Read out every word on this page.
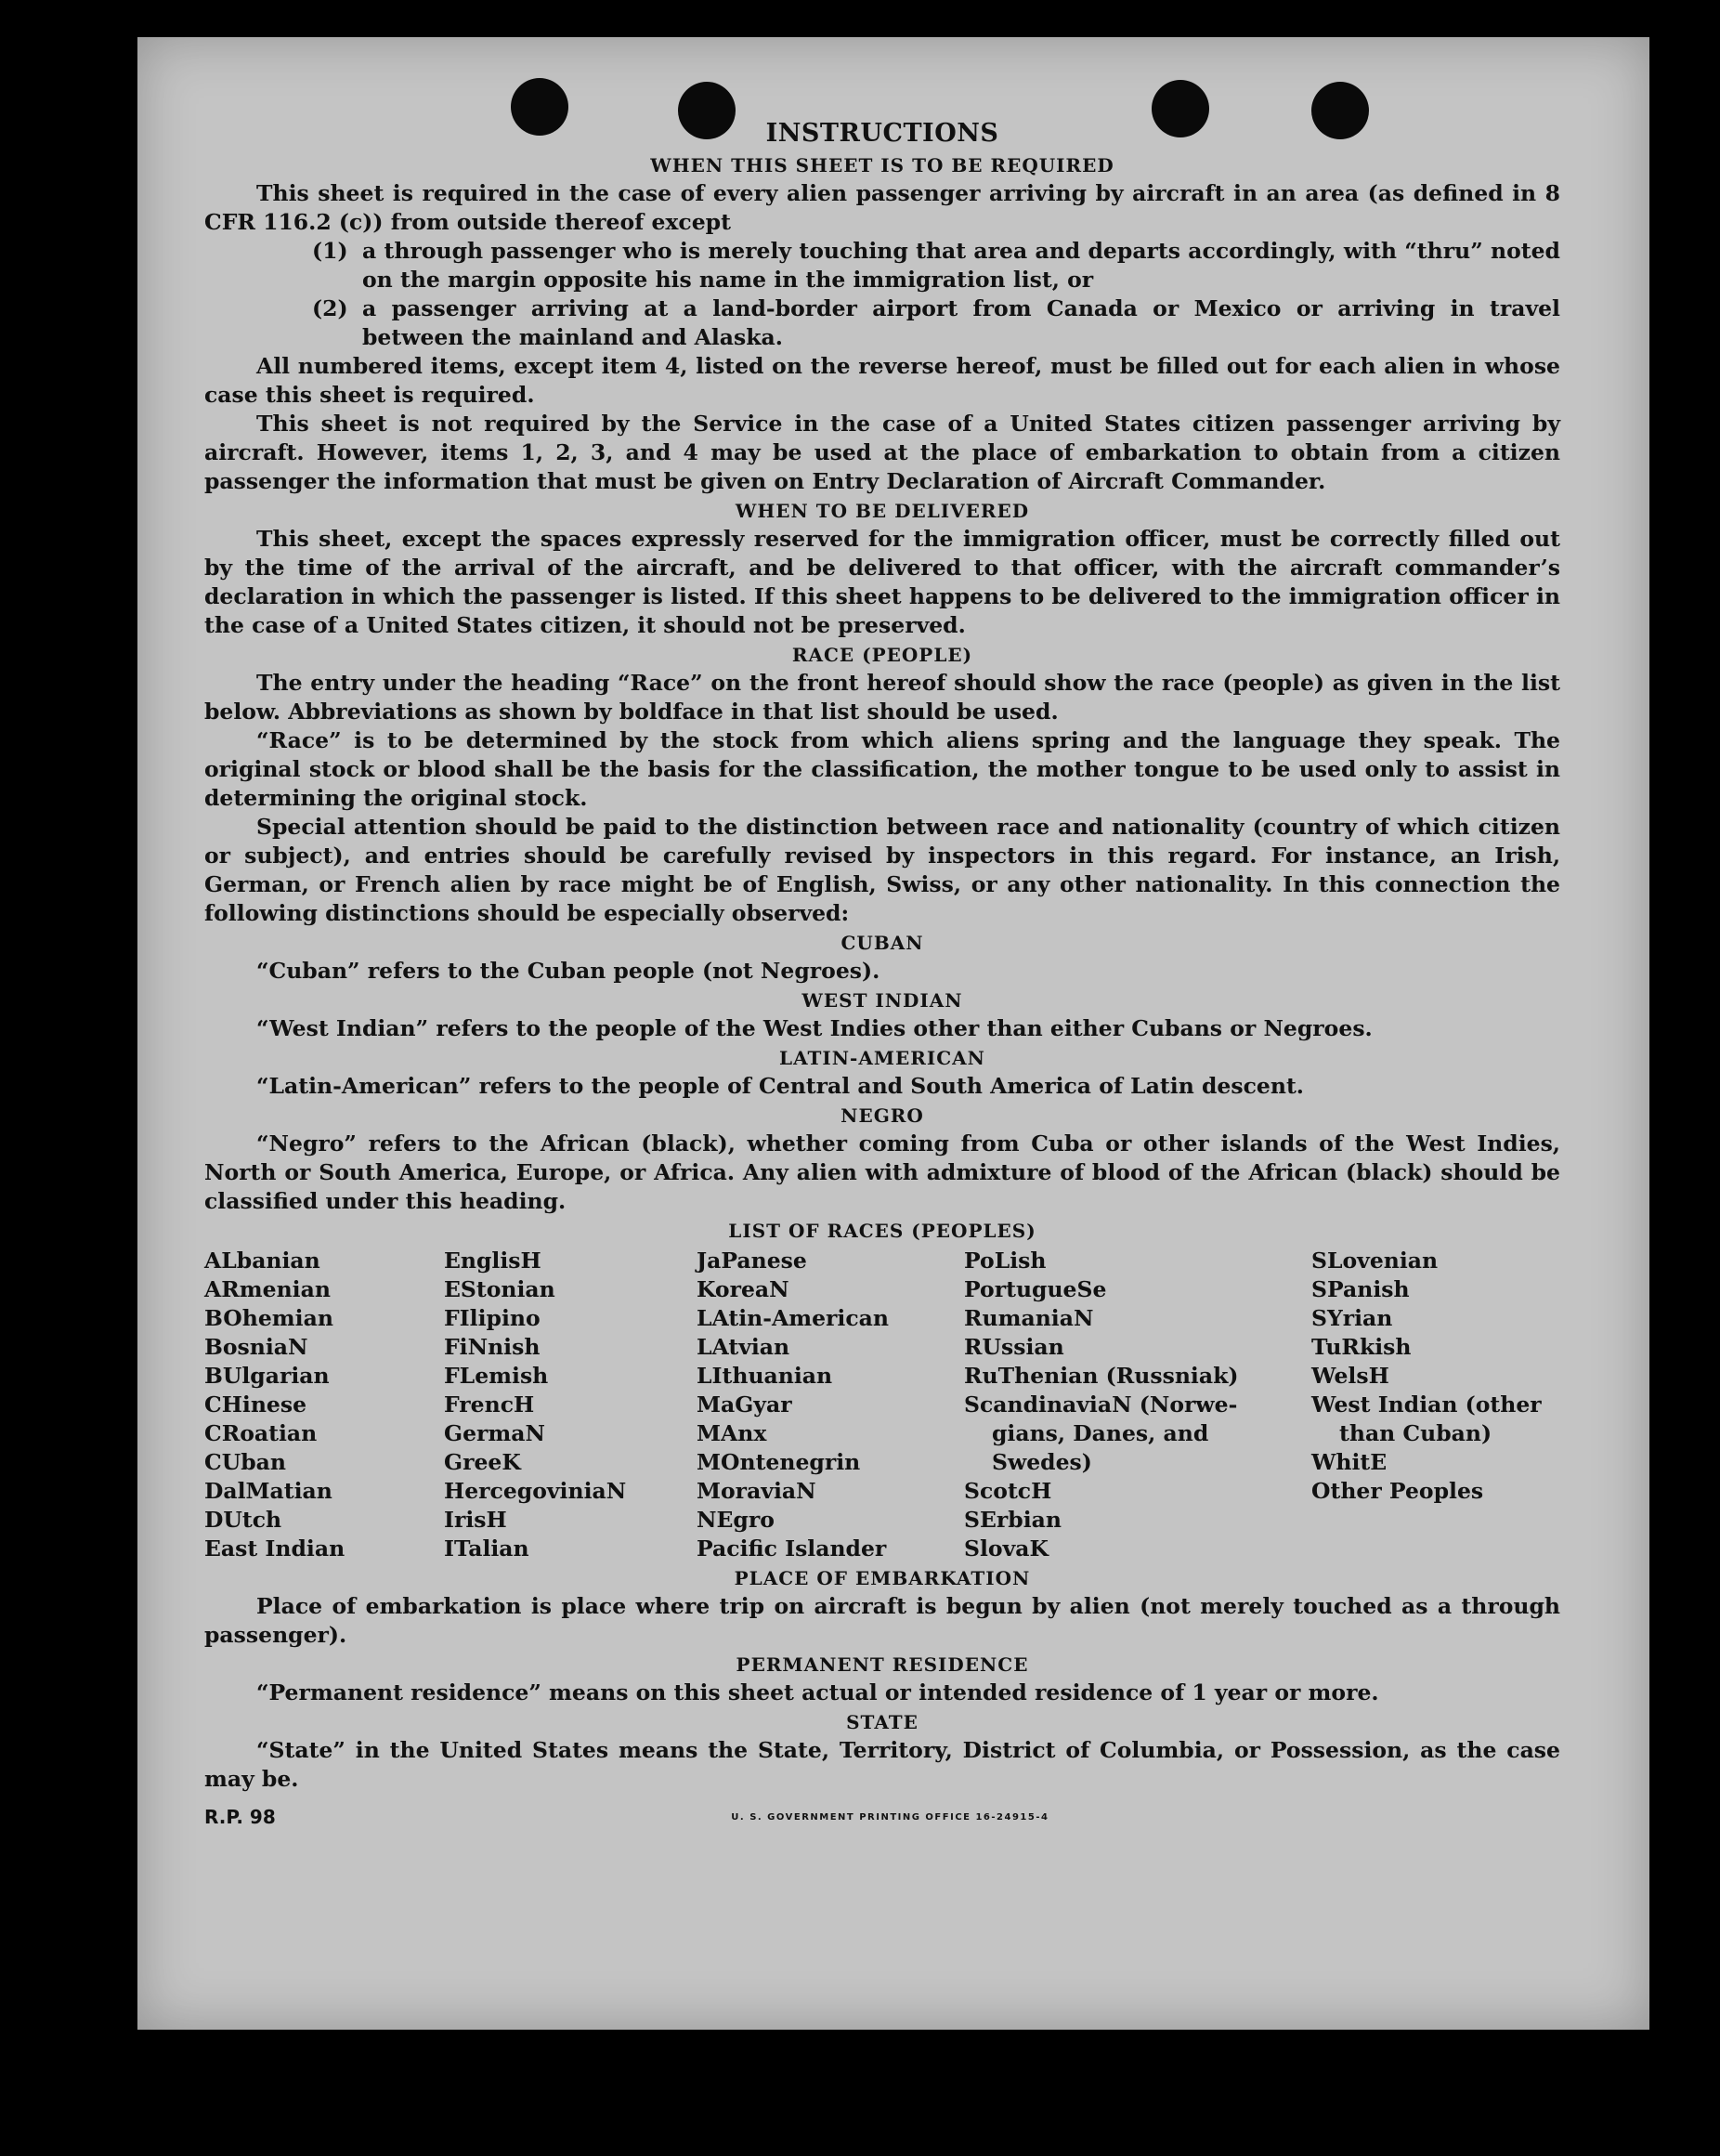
INSTRUCTIONS
WHEN THIS SHEET IS TO BE REQUIRED

This sheet is required in the case of every alien passenger arriving by aircraft in an area (as defined in 8 CFR 116.2 (c)) from outside thereof except

(1) a through passenger who is merely touching that area and departs accordingly, with “thru” noted on the margin opposite his name in the immigration list, or
(2) a passenger arriving at a land-border airport from Canada or Mexico or arriving in travel between the mainland and Alaska.

All numbered items, except item 4, listed on the reverse hereof, must be filled out for each alien in whose case this sheet is required.

This sheet is not required by the Service in the case of a United States citizen passenger arriving by aircraft. However, items 1, 2, 3, and 4 may be used at the place of embarkation to obtain from a citizen passenger the information that must be given on Entry Declaration of Aircraft Commander.

WHEN TO BE DELIVERED

This sheet, except the spaces expressly reserved for the immigration officer, must be correctly filled out by the time of the arrival of the aircraft, and be delivered to that officer, with the aircraft commander’s declaration in which the passenger is listed. If this sheet happens to be delivered to the immigration officer in the case of a United States citizen, it should not be preserved.

RACE (PEOPLE)

The entry under the heading “Race” on the front hereof should show the race (people) as given in the list below. Abbreviations as shown by boldface in that list should be used.

“Race” is to be determined by the stock from which aliens spring and the language they speak. The original stock or blood shall be the basis for the classification, the mother tongue to be used only to assist in determining the original stock.

Special attention should be paid to the distinction between race and nationality (country of which citizen or subject), and entries should be carefully revised by inspectors in this regard. For instance, an Irish, German, or French alien by race might be of English, Swiss, or any other nationality. In this connection the following distinctions should be especially observed:

CUBAN

“Cuban” refers to the Cuban people (not Negroes).

WEST INDIAN

“West Indian” refers to the people of the West Indies other than either Cubans or Negroes.

LATIN-AMERICAN

“Latin-American” refers to the people of Central and South America of Latin descent.

NEGRO

“Negro” refers to the African (black), whether coming from Cuba or other islands of the West Indies, North or South America, Europe, or Africa. Any alien with admixture of blood of the African (black) should be classified under this heading.

LIST OF RACES (PEOPLES)
ALbanian
ARmenian
BOhemian
BosniaN
BUlgarian
CHinese
CRoatian
CUban
DalMatian
DUtch
East Indian
EnglisH
EStonian
FIlipino
FiNnish
FLemish
FrencH
GermaN
GreeK
HercegoviniaN
IrisH
ITalian
JaPanese
KoreaN
LAtin-American
LAtvian
LIthuanian
MaGyar
MAnx
MOntenegrin
MoraviaN
NEgro
Pacific Islander
PoLish
PortugueSe
RumaniaN
RUssian
RuThenian (Russniak)
ScandinaviaN (Norwe-
gians, Danes, and
Swedes)
ScotcH
SErbian
SlovaK
SLovenian
SPanish
SYrian
TuRkish
WelsH
West Indian (other
than Cuban)
WhitE
Other Peoples
PLACE OF EMBARKATION

Place of embarkation is place where trip on aircraft is begun by alien (not merely touched as a through passenger).

PERMANENT RESIDENCE

“Permanent residence” means on this sheet actual or intended residence of 1 year or more.

STATE

“State” in the United States means the State, Territory, District of Columbia, or Possession, as the case may be.

R.P. 98	U. S. GOVERNMENT PRINTING OFFICE 16-24915-4
